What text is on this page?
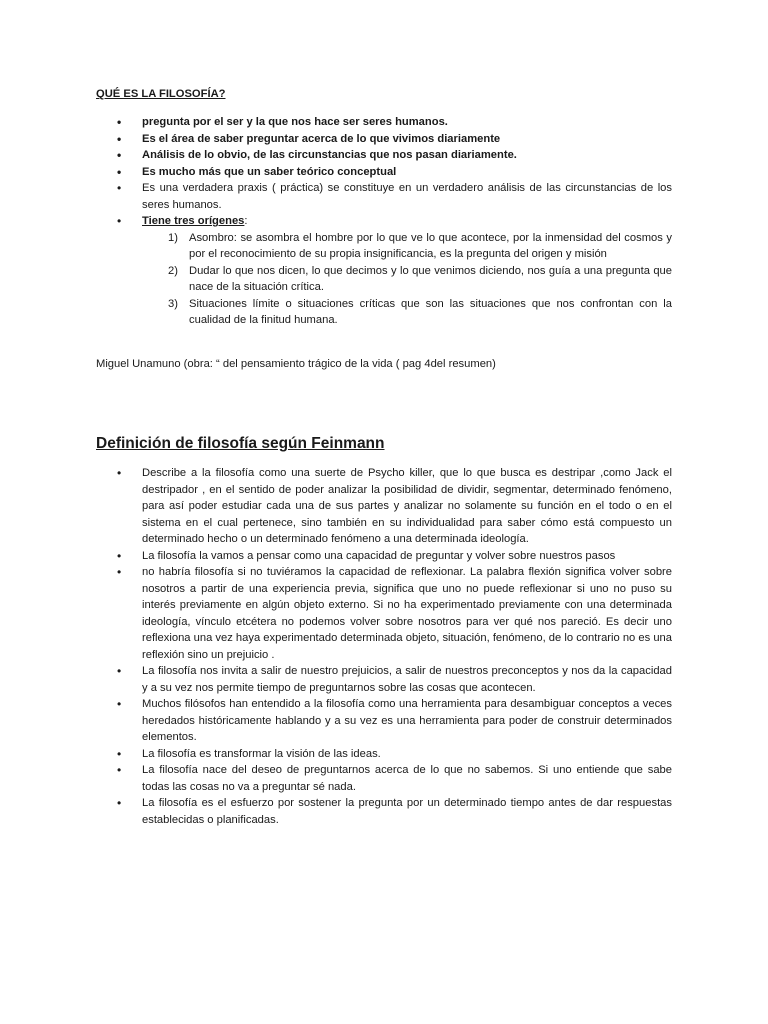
QUÉ ES LA FILOSOFÍA?
• pregunta por el ser y la que nos hace ser seres humanos.
• Es el área de saber preguntar acerca de lo que vivimos diariamente
• Análisis de lo obvio, de las circunstancias que nos pasan diariamente.
• Es mucho más que un saber teórico conceptual
• Es una verdadera praxis ( práctica) se constituye en un verdadero análisis de las circunstancias de los seres humanos.
• Tiene tres orígenes:
1) Asombro: se asombra el hombre por lo que ve lo que acontece, por la inmensidad del cosmos y por el reconocimiento de su propia insignificancia, es la pregunta del origen y misión
2) Dudar lo que nos dicen, lo que decimos y lo que venimos diciendo, nos guía a una pregunta que nace de la situación crítica.
3) Situaciones límite o situaciones críticas que son las situaciones que nos confrontan con la cualidad de la finitud humana.
Miguel Unamuno (obra: “ del pensamiento trágico de la vida ( pag 4del resumen)
Definición de filosofía según Feinmann
• Describe a la filosofía como una suerte de Psycho killer, que lo que busca es destripar ,como Jack el destripador , en el sentido de poder analizar la posibilidad de dividir, segmentar, determinado fenómeno, para así poder estudiar cada una de sus partes y analizar no solamente su función en el todo o en el sistema en el cual pertenece, sino también en su individualidad para saber cómo está compuesto un determinado hecho o un determinado fenómeno a una determinada ideología.
• La filosofía la vamos a pensar como una capacidad de preguntar y volver sobre nuestros pasos
• no habría filosofía si no tuviéramos la capacidad de reflexionar. La palabra flexión significa volver sobre nosotros a partir de una experiencia previa, significa que uno no puede reflexionar si uno no puso su interés previamente en algún objeto externo. Si no ha experimentado previamente con una determinada ideología, vínculo etcétera no podemos volver sobre nosotros para ver qué nos pareció. Es decir uno reflexiona una vez haya experimentado determinada objeto, situación, fenómeno, de lo contrario no es una reflexión sino un prejuicio .
• La filosofía nos invita a salir de nuestro prejuicios, a salir de nuestros preconceptos y nos da la capacidad y a su vez nos permite tiempo de preguntarnos sobre las cosas que acontecen.
• Muchos filósofos han entendido a la filosofía como una herramienta para desambiguar conceptos a veces heredados históricamente hablando y a su vez es una herramienta para poder de construir determinados elementos.
• La filosofía es transformar la visión de las ideas.
• La filosofía nace del deseo de preguntarnos acerca de lo que no sabemos. Si uno entiende que sabe todas las cosas no va a preguntar sé nada.
• La filosofía es el esfuerzo por sostener la pregunta por un determinado tiempo antes de dar respuestas establecidas o planificadas.
